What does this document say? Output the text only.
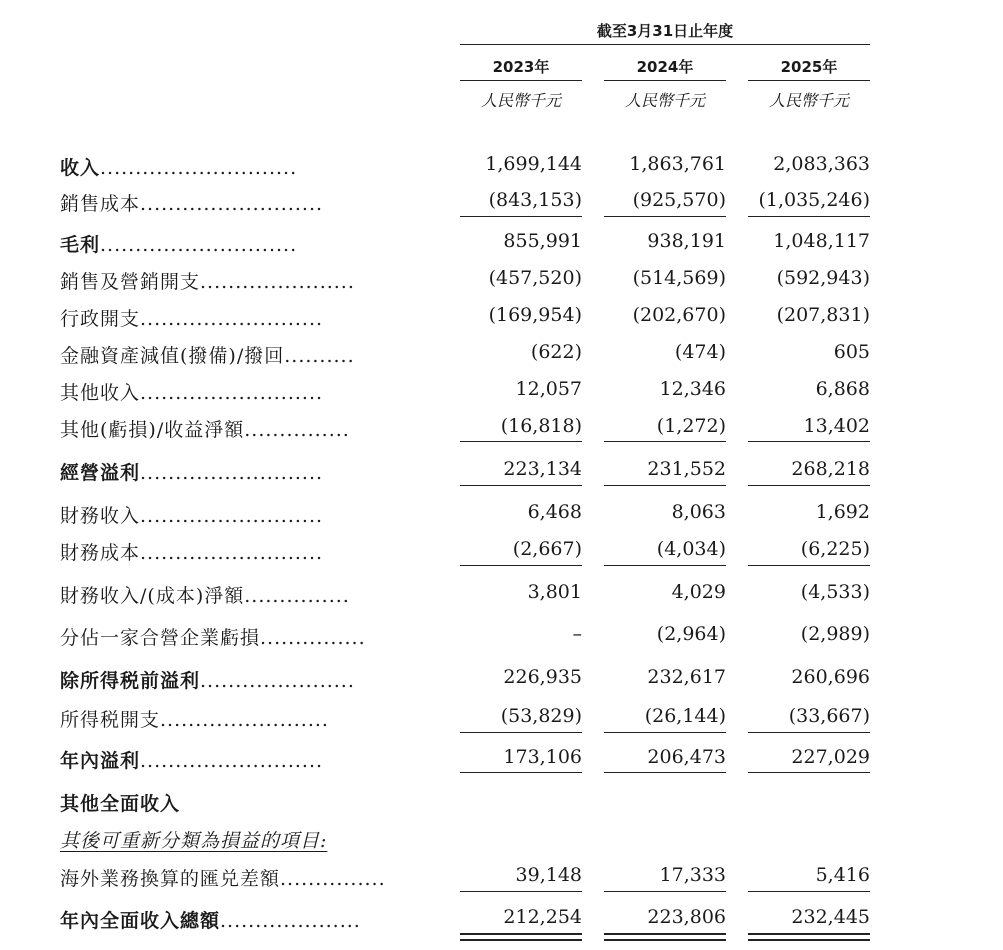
截至3月31日止年度
2023年	2024年	2025年
人民幣千元	人民幣千元	人民幣千元
收入............................	1,699,144	1,863,761	2,083,363
銷售成本..........................	(843,153)	(925,570)	(1,035,246)
毛利............................	855,991	938,191	1,048,117
銷售及營銷開支......................	(457,520)	(514,569)	(592,943)
行政開支..........................	(169,954)	(202,670)	(207,831)
金融資產減值(撥備)/撥回..........	(622)	(474)	605
其他收入..........................	12,057	12,346	6,868
其他(虧損)/收益淨額...............	(16,818)	(1,272)	13,402
經營溢利..........................	223,134	231,552	268,218
財務收入..........................	6,468	8,063	1,692
財務成本..........................	(2,667)	(4,034)	(6,225)
財務收入/(成本)淨額...............	3,801	4,029	(4,533)
分佔一家合營企業虧損...............	–	(2,964)	(2,989)
除所得税前溢利......................	226,935	232,617	260,696
所得税開支........................	(53,829)	(26,144)	(33,667)
年內溢利..........................	173,106	206,473	227,029
其他全面收入
其後可重新分類為損益的項目:
海外業務換算的匯兑差額...............	39,148	17,333	5,416
年內全面收入總額....................	212,254	223,806	232,445
